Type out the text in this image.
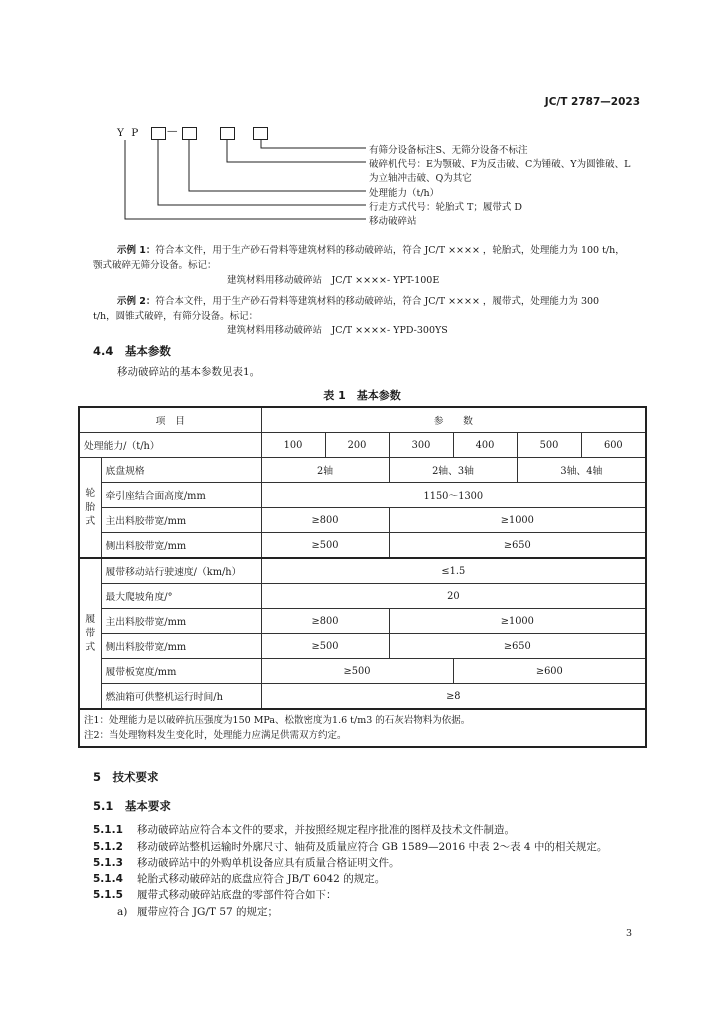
JC/T 2787—2023
Y P	—
有筛分设备标注S、无筛分设备不标注
破碎机代号：E为颚破、F为反击破、C为锤破、Y为圆锥破、L
为立轴冲击破、Q为其它
处理能力（t/h）
行走方式代号：轮胎式 T；履带式 D
移动破碎站
示例 1：符合本文件，用于生产砂石骨料等建筑材料的移动破碎站，符合 JC/T ×××× ，轮胎式，处理能力为 100 t/h，
颚式破碎无筛分设备。标记：
建筑材料用移动破碎站　JC/T ××××- YPT-100E
示例 2：符合本文件，用于生产砂石骨料等建筑材料的移动破碎站，符合 JC/T ×××× ，履带式，处理能力为 300
t/h，圆锥式破碎，有筛分设备。标记：
建筑材料用移动破碎站　JC/T ××××- YPD-300YS
4.4　 基本参数
移动破碎站的基本参数见表1。
表 1　基本参数
项　目		参　　数					
处理能力/（t/h）		100	200	300	400	500	600
轮胎式	底盘规格	2轴		2轴、3轴		3轴、4轴	
	牵引座结合面高度/mm	1150～1300					
	主出料胶带宽/mm	≥800		≥1000			
	侧出料胶带宽/mm	≥500		≥650			
履带式	履带移动站行驶速度/（km/h）	≤1.5					
	最大爬坡角度/°	20					
	主出料胶带宽/mm	≥800		≥1000			
	侧出料胶带宽/mm	≥500		≥650			
	履带板宽度/mm	≥500			≥600		
	燃油箱可供整机运行时间/h	≥8					

注1：处理能力是以破碎抗压强度为150 MPa、松散密度为1.6 t/m3 的石灰岩物料为依据。
注2：当处理物料发生变化时，处理能力应满足供需双方约定。							
5　 技术要求
5.1　 基本要求
5.1.1 移动破碎站应符合本文件的要求，并按照经规定程序批准的图样及技术文件制造。
5.1.2 移动破碎站整机运输时外廓尺寸、轴荷及质量应符合 GB 1589—2016 中表 2～表 4 中的相关规定。
5.1.3 移动破碎站中的外购单机设备应具有质量合格证明文件。
5.1.4 轮胎式移动破碎站的底盘应符合 JB/T 6042 的规定。
5.1.5 履带式移动破碎站底盘的零部件符合如下：
a) 履带应符合 JG/T 57 的规定；
3
